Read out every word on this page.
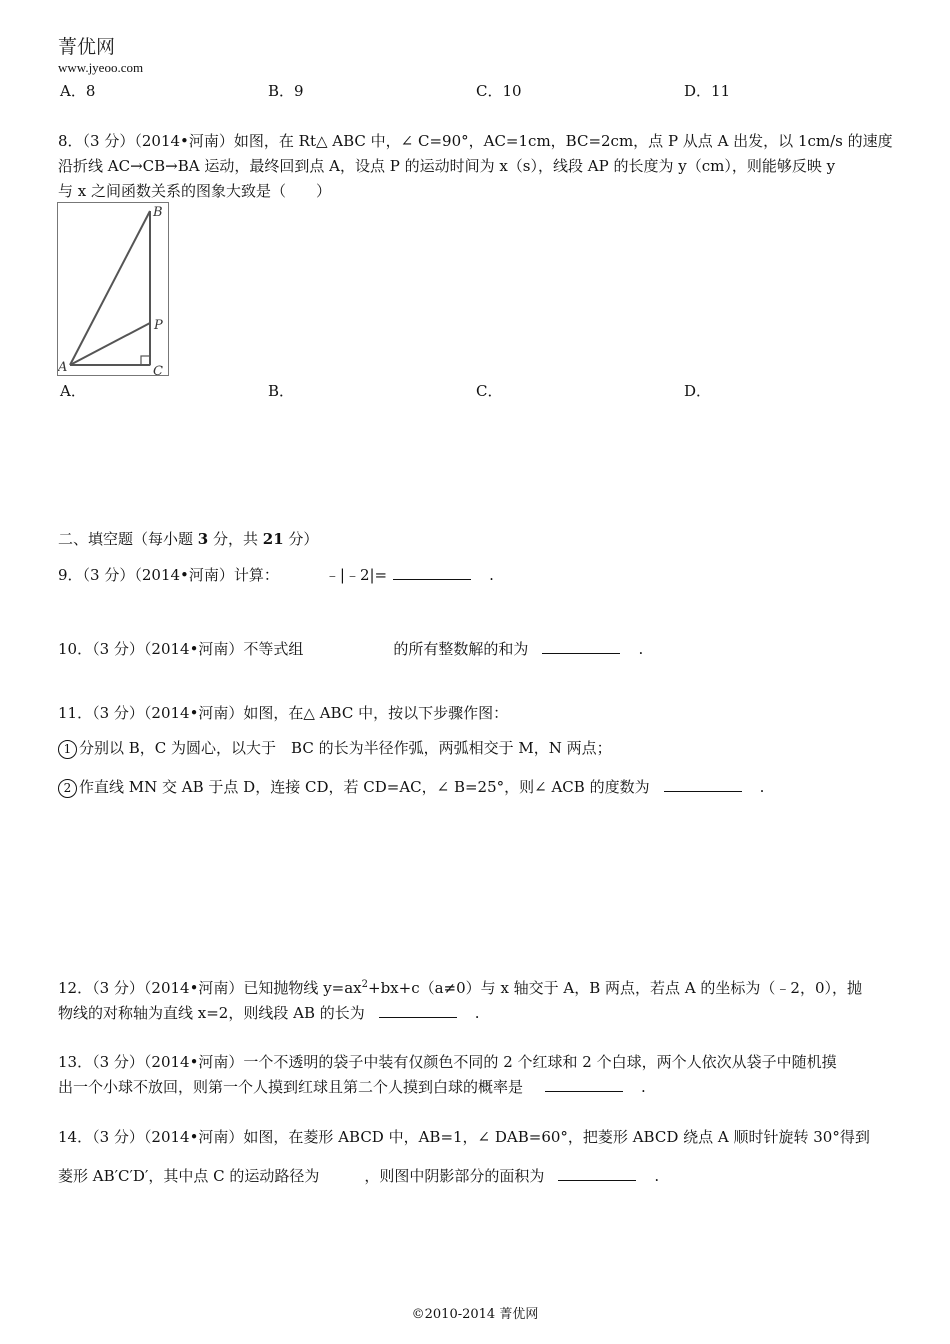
菁优网
www.jyeoo.com
A．8	B．9	C．10	D．11
8．（3 分）（2014•河南）如图，在 Rt△ ABC 中，∠ C=90°，AC=1cm，BC=2cm，点 P 从点 A 出发，以 1cm/s 的速度
沿折线 AC→CB→BA 运动，最终回到点 A，设点 P 的运动时间为 x（s），线段 AP 的长度为 y（cm），则能够反映 y
与 x 之间函数关系的图象大致是（　　）
A
B
C
P
A．	B．	C．	D．
二、填空题（每小题 3 分，共 21 分）
9．（3 分）（2014•河南）计算：	﹣|﹣2|=	.
10．（3 分）（2014•河南）不等式组	的所有整数解的和为	.
11．（3 分）（2014•河南）如图，在△ ABC 中，按以下步骤作图：
1 分别以 B，C 为圆心，以大于　BC 的长为半径作弧，两弧相交于 M，N 两点；
2 作直线 MN 交 AB 于点 D，连接 CD，若 CD=AC，∠ B=25°，则∠ ACB 的度数为	.
12．（3 分）（2014•河南）已知抛物线 $y=ax^2+bx+c(a\ne 0)$与 x 轴交于 A，B 两点，若点 A 的坐标为（﹣2，0），抛
物线的对称轴为直线 x=2，则线段 AB 的长为	.
13．（3 分）（2014•河南）一个不透明的袋子中装有仅颜色不同的 2 个红球和 2 个白球，两个人依次从袋子中随机摸
出一个小球不放回，则第一个人摸到红球且第二个人摸到白球的概率是	.
14．（3 分）（2014•河南）如图，在菱形 ABCD 中，AB=1，∠ DAB=60°，把菱形 ABCD 绕点 A 顺时针旋转 30°得到
菱形 AB′C′D′，其中点 C 的运动路径为　　　，则图中阴影部分的面积为	.
©2010-2014 菁优网
